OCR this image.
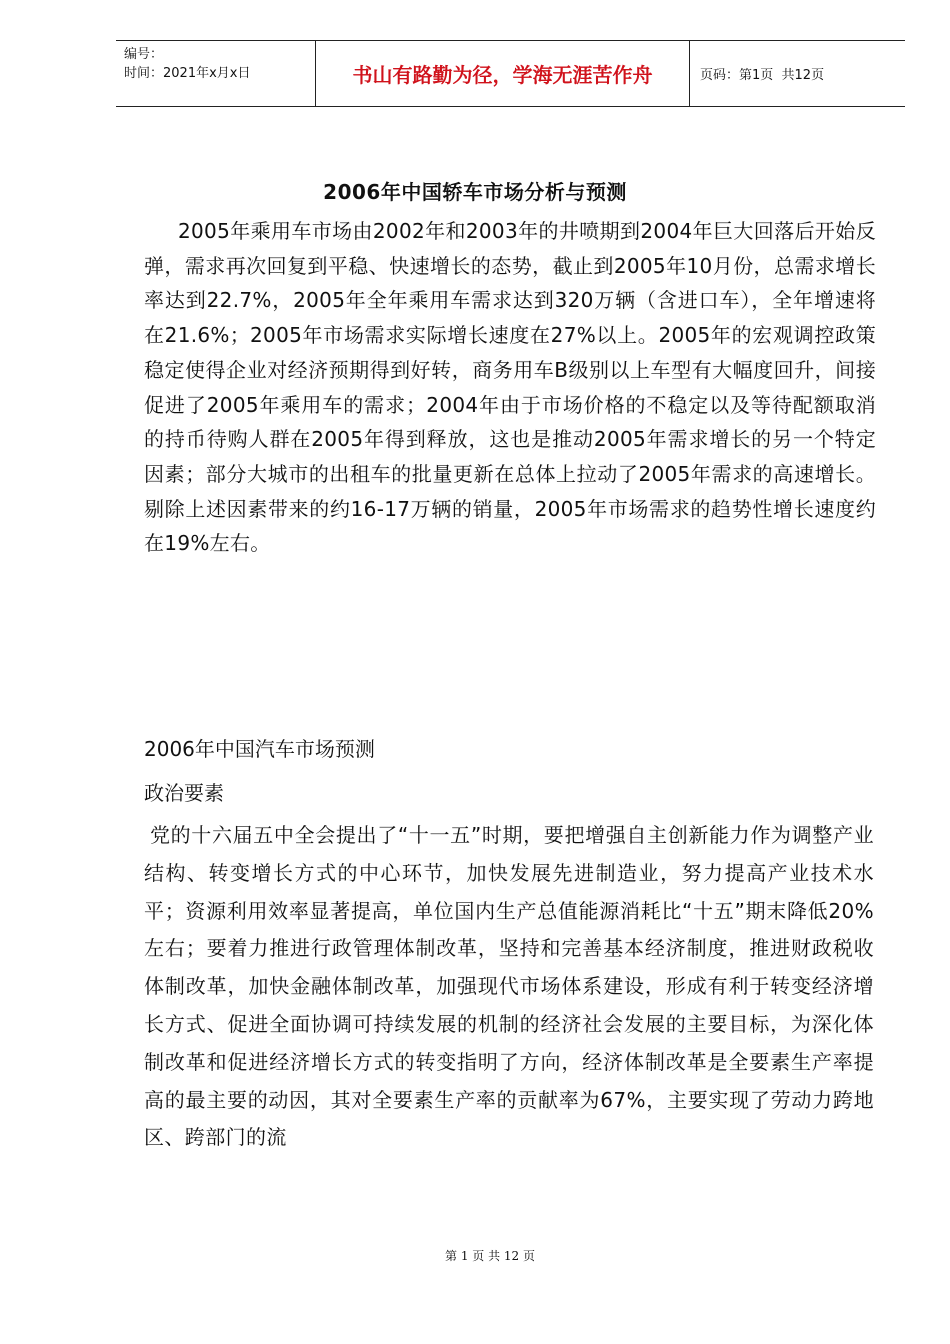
编号：
时间：2021年x月x日	书山有路勤为径，学海无涯苦作舟	页码：第1页  共12页
2006年中国轿车市场分析与预测

2005年乘用车市场由2002年和2003年的井喷期到2004年巨大回落后开始反弹，需求再次回复到平稳、快速增长的态势，截止到2005年10月份，总需求增长率达到22.7%，2005年全年乘用车需求达到320万辆（含进口车），全年增速将在21.6%；2005年市场需求实际增长速度在27%以上。2005年的宏观调控政策稳定使得企业对经济预期得到好转，商务用车B级别以上车型有大幅度回升，间接促进了2005年乘用车的需求；2004年由于市场价格的不稳定以及等待配额取消的持币待购人群在2005年得到释放，这也是推动2005年需求增长的另一个特定因素；部分大城市的出租车的批量更新在总体上拉动了2005年需求的高速增长。剔除上述因素带来的约16-17万辆的销量，2005年市场需求的趋势性增长速度约在19%左右。

2006年中国汽车市场预测
政治要素

党的十六届五中全会提出了“十一五”时期，要把增强自主创新能力作为调整产业结构、转变增长方式的中心环节，加快发展先进制造业，努力提高产业技术水平；资源利用效率显著提高，单位国内生产总值能源消耗比“十五”期末降低20%左右；要着力推进行政管理体制改革，坚持和完善基本经济制度，推进财政税收体制改革，加快金融体制改革，加强现代市场体系建设，形成有利于转变经济增长方式、促进全面协调可持续发展的机制的经济社会发展的主要目标，为深化体制改革和促进经济增长方式的转变指明了方向，经济体制改革是全要素生产率提高的最主要的动因，其对全要素生产率的贡献率为67%，主要实现了劳动力跨地区、跨部门的流

第 1 页 共 12 页
